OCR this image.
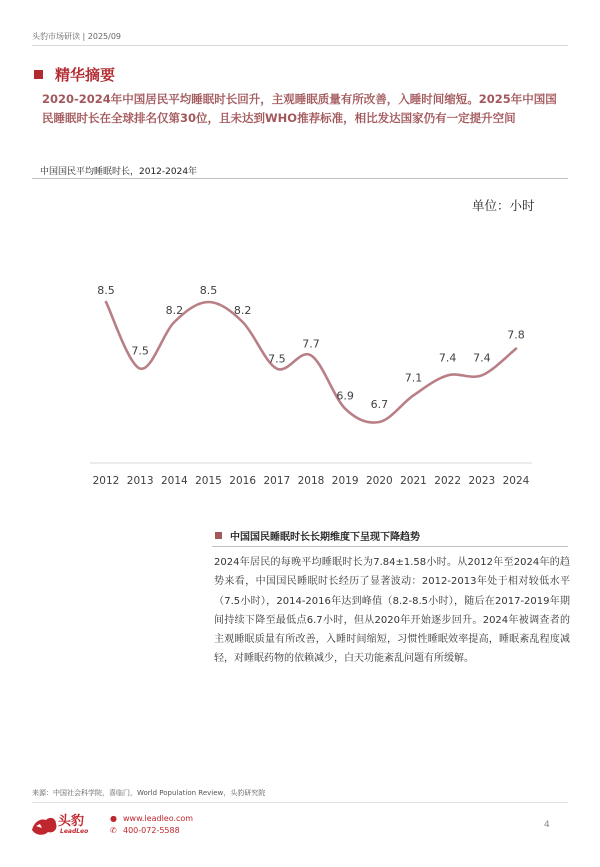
头豹市场研读 | 2025/09
精华摘要
2020-2024年中国居民平均睡眠时长回升，主观睡眠质量有所改善，入睡时间缩短。2025年中国国民睡眠时长在全球排名仅第30位，且未达到WHO推荐标准，相比发达国家仍有一定提升空间
中国国民平均睡眠时长，2012-2024年
单位：小时
8.5
7.5
8.2
8.5
8.2
7.5
7.7
6.9
6.7
7.1
7.4 7.4
7.8
2012 2013 2014 2015 2016 2017 2018 2019 2020 2021 2022 2023 2024
中国国民睡眠时长长期维度下呈现下降趋势
2024年居民的每晚平均睡眠时长为7.84±1.58小时。从2012年至2024年的趋势来看，中国国民睡眠时长经历了显著波动：2012-2013年处于相对较低水平（7.5小时），2014-2016年达到峰值（8.2-8.5小时），随后在2017-2019年期间持续下降至最低点6.7小时，但从2020年开始逐步回升。2024年被调查者的主观睡眠质量有所改善，入睡时间缩短，习惯性睡眠效率提高，睡眠紊乱程度减轻，对睡眠药物的依赖减少，白天功能紊乱问题有所缓解。
来源：中国社会科学院，喜临门，World Population Review，头豹研究院
头豹
LeadLeo
● www.leadleo.com
✆ 400-072-5588
4
